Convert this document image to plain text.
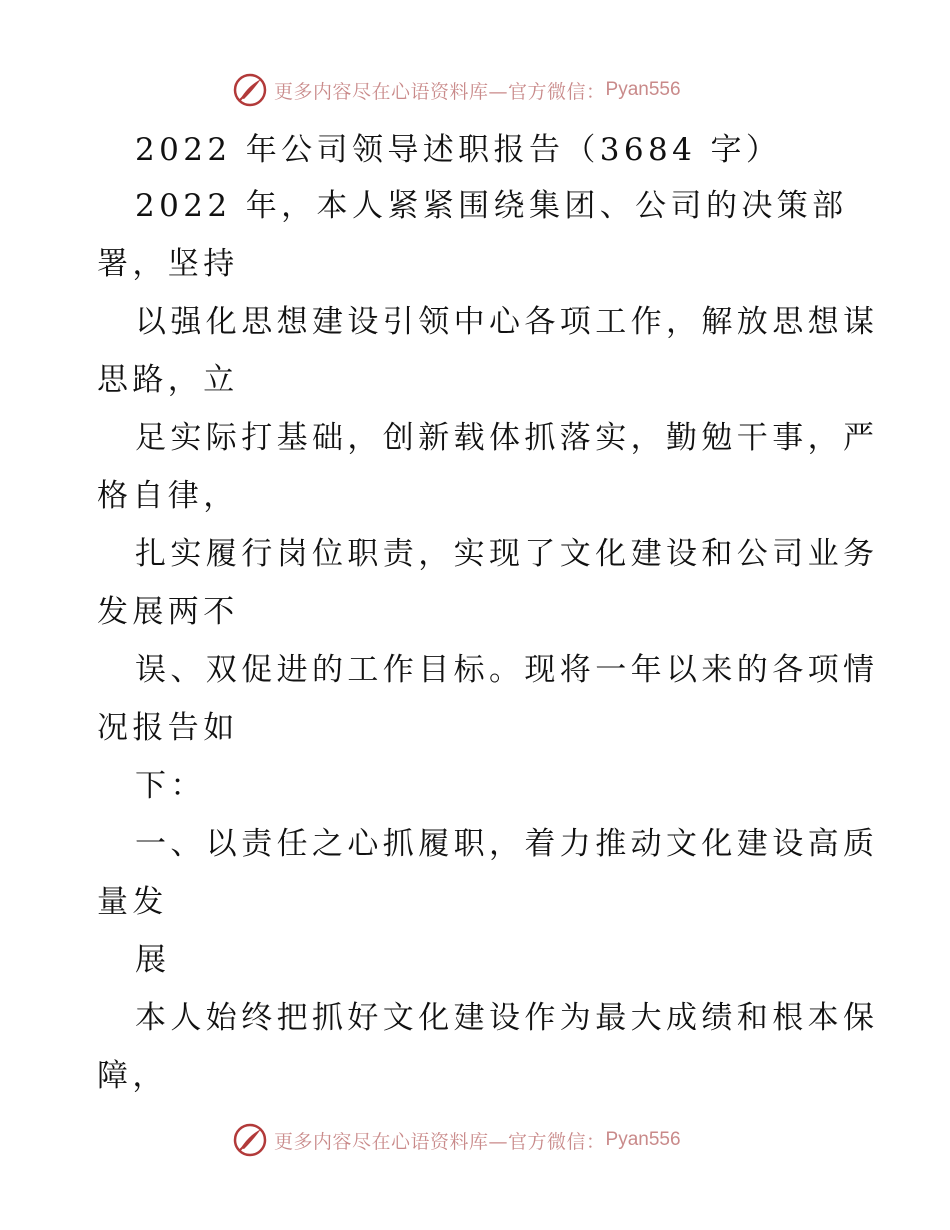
更多内容尽在心语资料库—官方微信： Pyan556
2022 年公司领导述职报告（3684 字）
2022 年，本人紧紧围绕集团、公司的决策部
署，坚持
以强化思想建设引领中心各项工作，解放思想谋
思路，立
足实际打基础，创新载体抓落实，勤勉干事，严
格自律，
扎实履行岗位职责，实现了文化建设和公司业务
发展两不
误、双促进的工作目标。现将一年以来的各项情
况报告如
下：
一、以责任之心抓履职，着力推动文化建设高质
量发
展
本人始终把抓好文化建设作为最大成绩和根本保
障，
更多内容尽在心语资料库—官方微信： Pyan556
